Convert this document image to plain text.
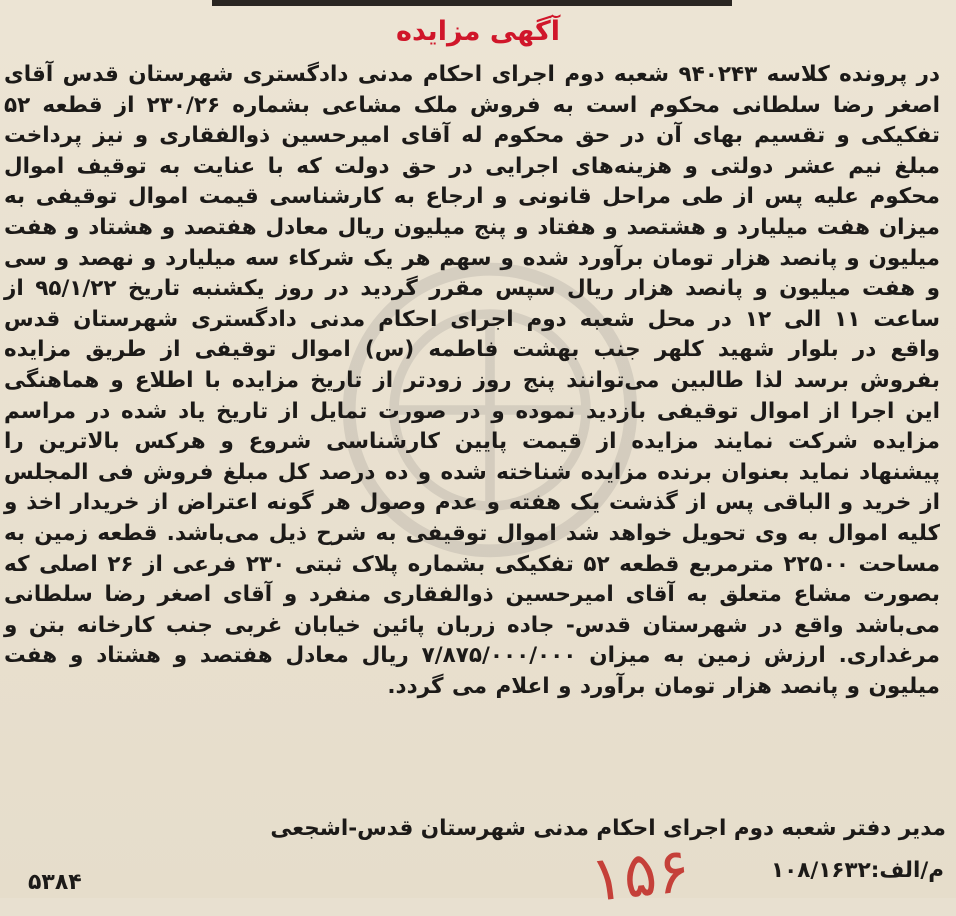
آگهی مزایده
در پرونده کلاسه ۹۴۰۲۴۳ شعبه دوم اجرای احکام مدنی دادگستری شهرستان قدس آقای اصغر رضا سلطانی محکوم است به فروش ملک مشاعی بشماره ۲۳۰/۲۶ از قطعه ۵۲ تفکیکی و تقسیم بهای آن در حق محکوم له آقای امیرحسین ذوالفقاری و نیز پرداخت مبلغ نیم عشر دولتی و هزینه‌های اجرایی در حق دولت که با عنایت به توقیف اموال محکوم علیه پس از طی مراحل قانونی و ارجاع به کارشناسی قیمت اموال توقیفی به میزان هفت میلیارد و هشتصد و هفتاد و پنج میلیون ریال معادل هفتصد و هشتاد و هفت میلیون و پانصد هزار تومان برآورد شده و سهم هر یک شرکاء سه میلیارد و نهصد و سی و هفت میلیون و پانصد هزار ریال سپس مقرر گردید در روز یکشنبه تاریخ ۹۵/۱/۲۲ از ساعت ۱۱ الی ۱۲ در محل شعبه دوم اجرای احکام مدنی دادگستری شهرستان قدس واقع در بلوار شهید کلهر جنب بهشت فاطمه (س) اموال توقیفی از طریق مزایده بفروش برسد لذا طالبین می‌توانند پنج روز زودتر از تاریخ مزایده با اطلاع و هماهنگی این اجرا از اموال توقیفی بازدید نموده و در صورت تمایل از تاریخ یاد شده در مراسم مزایده شرکت نمایند مزایده از قیمت پایین کارشناسی شروع و هرکس بالاترین را پیشنهاد نماید بعنوان برنده مزایده شناخته شده و ده درصد کل مبلغ فروش فی المجلس از خرید و الباقی پس از گذشت یک هفته و عدم وصول هر گونه اعتراض از خریدار اخذ و کلیه اموال به وی تحویل خواهد شد اموال توقیفی به شرح ذیل می‌باشد. قطعه زمین به مساحت ۲۲۵۰۰ مترمربع قطعه ۵۲ تفکیکی بشماره پلاک ثبتی ۲۳۰ فرعی از ۲۶ اصلی که بصورت مشاع متعلق به آقای امیرحسین ذوالفقاری منفرد و آقای اصغر رضا سلطانی می‌باشد واقع در شهرستان قدس- جاده زربان پائین خیابان غربی جنب کارخانه بتن و مرغداری. ارزش زمین به میزان ۷/۸۷۵/۰۰۰/۰۰۰ ریال معادل هفتصد و هشتاد و هفت میلیون و پانصد هزار تومان برآورد و اعلام می گردد.
مدیر دفتر شعبه دوم اجرای احکام مدنی شهرستان قدس-اشجعی
م/الف:۱۰۸/۱۶۳۲
۱۵۶
۵۳۸۴
